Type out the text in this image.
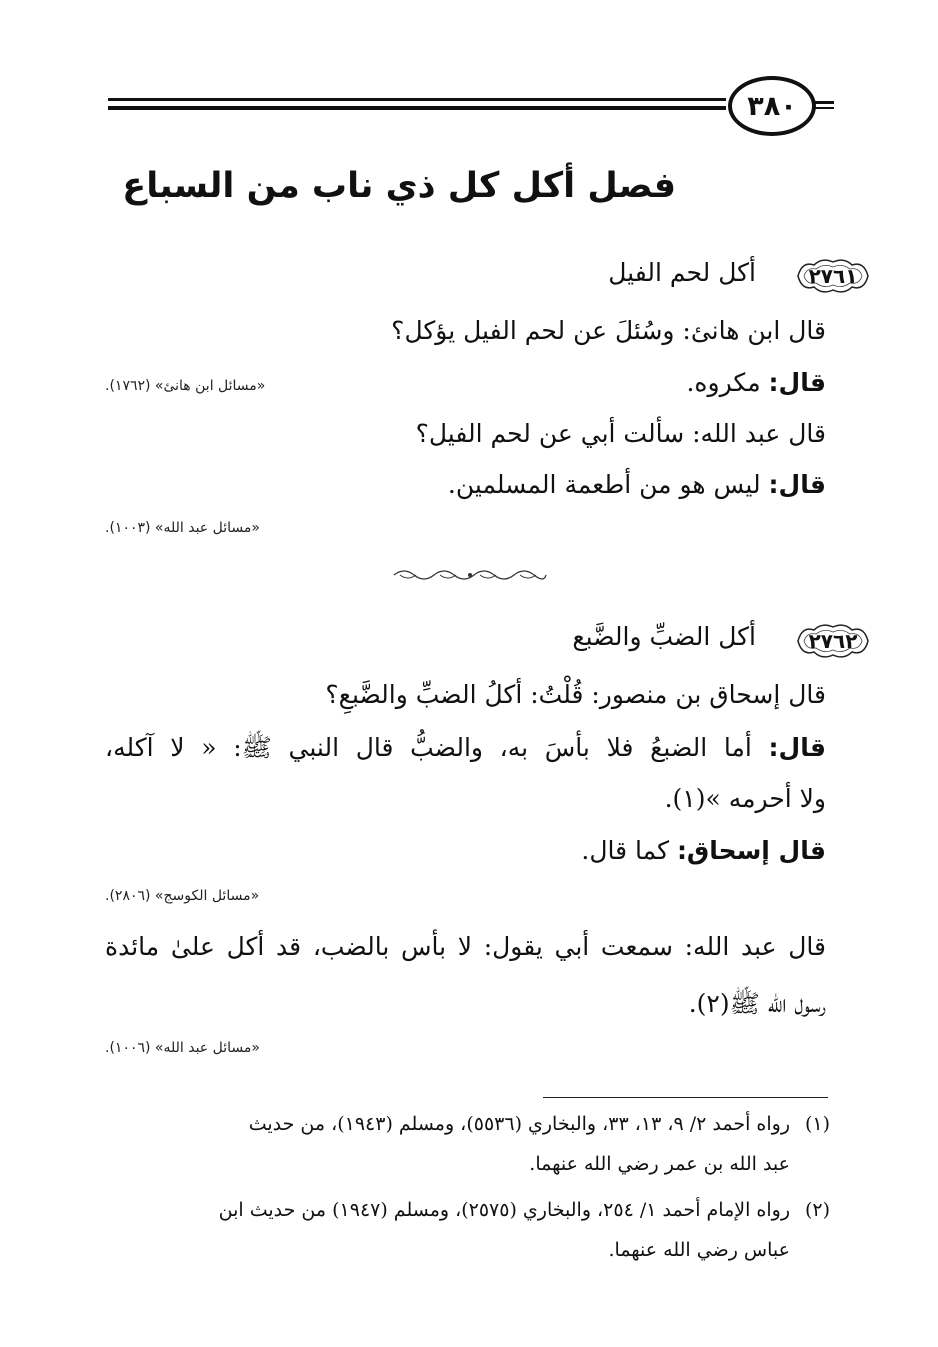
٣٨٠
فصل أكل كل ذي ناب من السباع
٢٧٦١
أكل لحم الفيل
قال ابن هانئ: وسُئلَ عن لحم الفيل يؤكل؟
قال: مكروه.
«مسائل ابن هانئ» (١٧٦٢).
قال عبد الله: سألت أبي عن لحم الفيل؟
قال: ليس هو من أطعمة المسلمين.
«مسائل عبد الله» (١٠٠٣).
٢٧٦٢
أكل الضبِّ والضَّبع
قال إسحاق بن منصور: قُلْتُ: أكلُ الضبِّ والضَّبعِ؟
قال: أما الضبعُ فلا بأسَ به، والضبُّ قال النبي ﷺ: « لا آكله،
ولا أحرمه »(١).
قال إسحاق: كما قال.
«مسائل الكوسج» (٢٨٠٦).
قال عبد الله: سمعت أبي يقول: لا بأس بالضب، قد أكل علىٰ مائدة
رسول الله ﷺ(٢).
«مسائل عبد الله» (١٠٠٦).
(١)
رواه أحمد ٢/ ٩، ١٣، ٣٣، والبخاري (٥٥٣٦)، ومسلم (١٩٤٣)، من حديث
عبد الله بن عمر رضي الله عنهما.
(٢)
رواه الإمام أحمد ١/ ٢٥٤، والبخاري (٢٥٧٥)، ومسلم (١٩٤٧) من حديث ابن
عباس رضي الله عنهما.
